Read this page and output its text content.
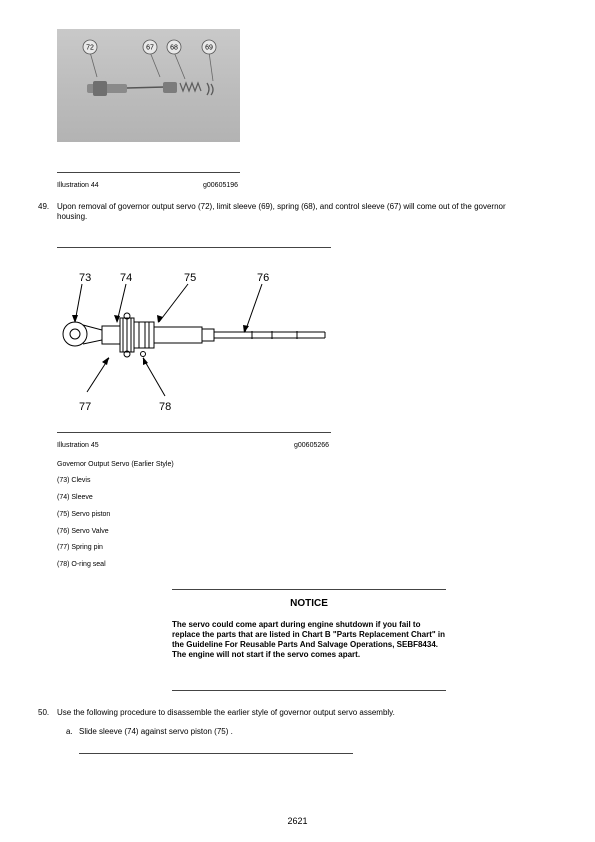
72	67 68	69
Illustration 44	g00605196
49. Upon removal of governor output servo (72), limit sleeve (69), spring (68), and control sleeve (67) will come out of the governor housing.
73	74	75	76
77	78
Illustration 45	g00605266
Governor Output Servo (Earlier Style)
(73) Clevis
(74) Sleeve
(75) Servo piston
(76) Servo Valve
(77) Spring pin
(78) O-ring seal
NOTICE
The servo could come apart during engine shutdown if you fail to replace the parts that are listed in Chart B "Parts Replacement Chart" in the Guideline For Reusable Parts And Salvage Operations, SEBF8434. The engine will not start if the servo comes apart.
50. Use the following procedure to disassemble the earlier style of governor output servo assembly.
a. Slide sleeve (74) against servo piston (75) .
2621
